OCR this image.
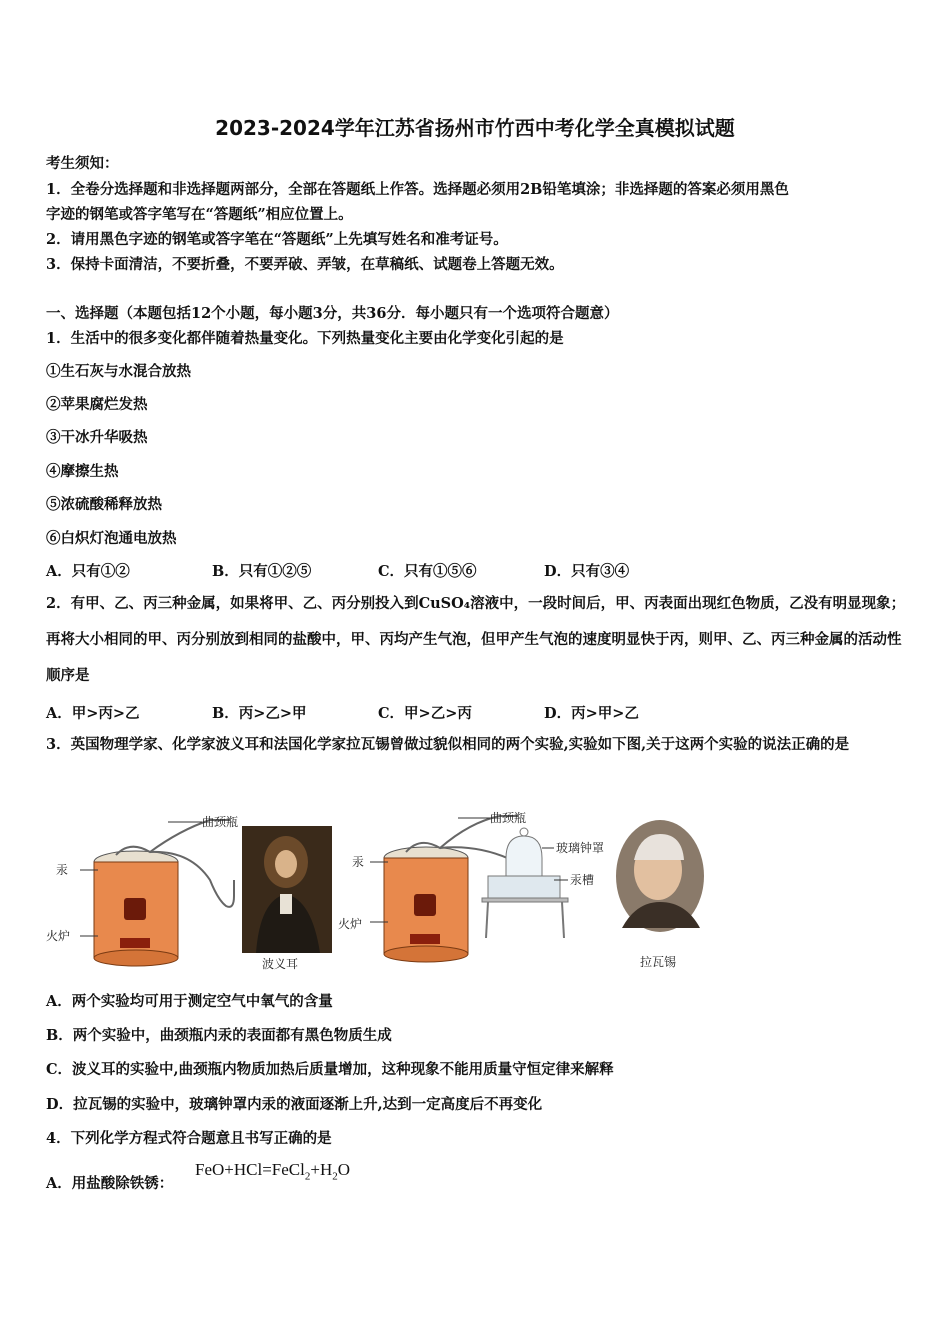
2023-2024学年江苏省扬州市竹西中考化学全真模拟试题
考生须知：
1．全卷分选择题和非选择题两部分，全部在答题纸上作答。选择题必须用2B铅笔填涂；非选择题的答案必须用黑色
字迹的钢笔或答字笔写在“答题纸”相应位置上。
2．请用黑色字迹的钢笔或答字笔在“答题纸”上先填写姓名和准考证号。
3．保持卡面清洁，不要折叠，不要弄破、弄皱，在草稿纸、试题卷上答题无效。
一、选择题（本题包括12个小题，每小题3分，共36分．每小题只有一个选项符合题意）
1．生活中的很多变化都伴随着热量变化。下列热量变化主要由化学变化引起的是
①生石灰与水混合放热
②苹果腐烂发热
③干冰升华吸热
④摩擦生热
⑤浓硫酸稀释放热
⑥白炽灯泡通电放热
A．只有①②	B．只有①②⑤	C．只有①⑤⑥	D．只有③④
2．有甲、乙、丙三种金属，如果将甲、乙、丙分别投入到CuSO₄溶液中，一段时间后，甲、丙表面出现红色物质，乙没有明显现象；再将大小相同的甲、丙分别放到相同的盐酸中，甲、丙均产生气泡，但甲产生气泡的速度明显快于丙，则甲、乙、丙三种金属的活动性顺序是
A．甲>丙>乙	B．丙>乙>甲	C．甲>乙>丙	D．丙>甲>乙
3．英国物理学家、化学家波义耳和法国化学家拉瓦锡曾做过貌似相同的两个实验,实验如下图,关于这两个实验的说法正确的是
曲颈瓶
汞
火炉
波义耳
曲颈瓶
汞
火炉
玻璃钟罩
汞槽
拉瓦锡
A．两个实验均可用于测定空气中氧气的含量
B．两个实验中，曲颈瓶内汞的表面都有黑色物质生成
C．波义耳的实验中,曲颈瓶内物质加热后质量增加，这种现象不能用质量守恒定律来解释
D．拉瓦锡的实验中，玻璃钟罩内汞的液面逐渐上升,达到一定高度后不再变化
4．下列化学方程式符合题意且书写正确的是
A．用盐酸除铁锈：
$FeO+HCl=FeCl_2+H_2O$
